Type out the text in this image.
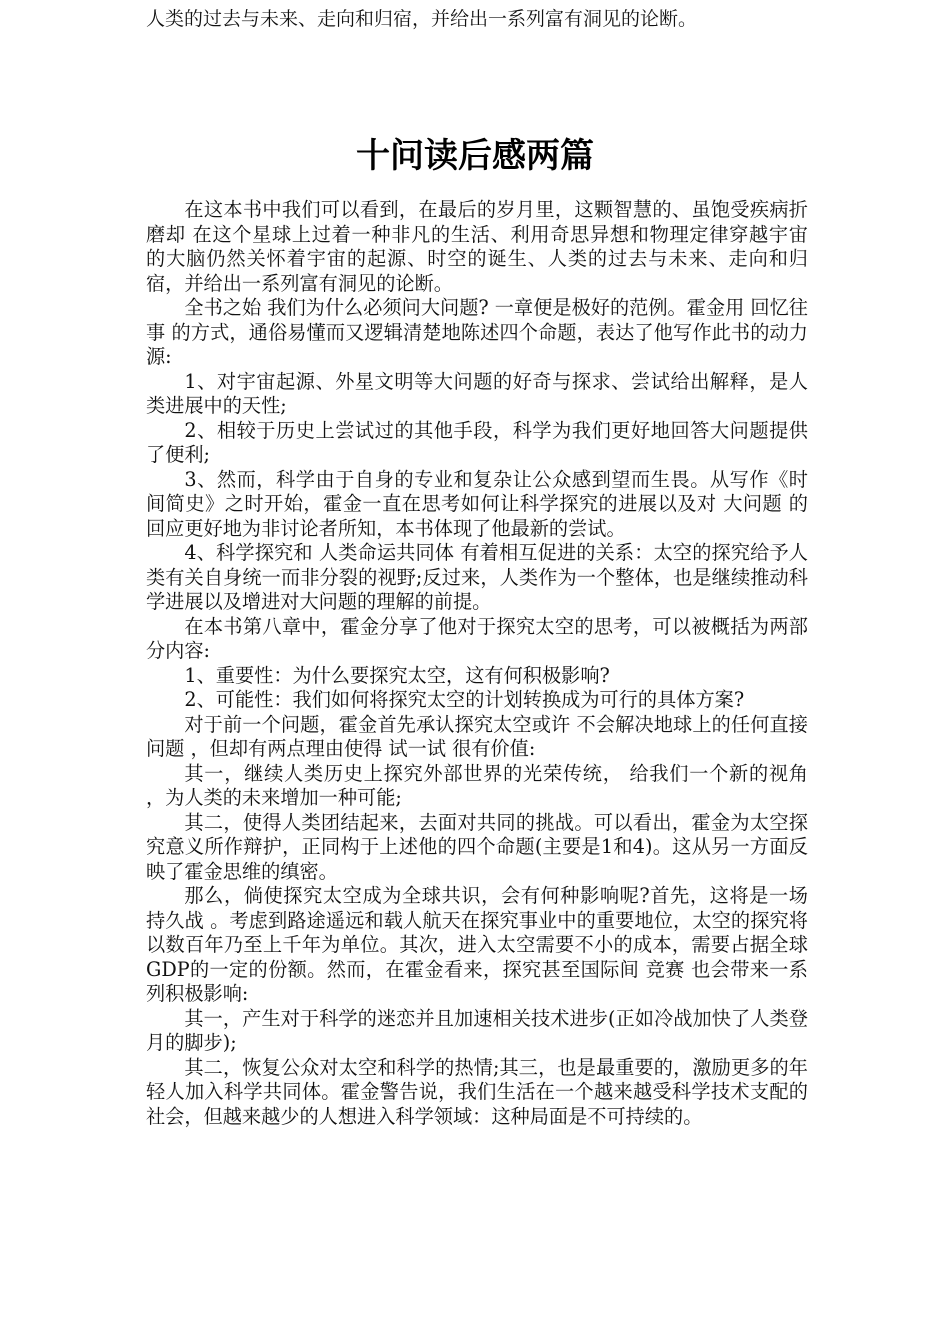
人类的过去与未来、走向和归宿，并给出一系列富有洞见的论断。

十问读后感两篇

在这本书中我们可以看到，在最后的岁月里，这颗智慧的、虽饱受疾病折磨却 在这个星球上过着一种非凡的生活、利用奇思异想和物理定律穿越宇宙 的大脑仍然关怀着宇宙的起源、时空的诞生、人类的过去与未来、走向和归宿，并给出一系列富有洞见的论断。

全书之始 我们为什么必须问大问题? 一章便是极好的范例。霍金用 回忆往事 的方式，通俗易懂而又逻辑清楚地陈述四个命题，表达了他写作此书的动力源:

1、对宇宙起源、外星文明等大问题的好奇与探求、尝试给出解释，是人类进展中的天性;

2、相较于历史上尝试过的其他手段，科学为我们更好地回答大问题提供了便利;

3、然而，科学由于自身的专业和复杂让公众感到望而生畏。从写作《时间简史》之时开始，霍金一直在思考如何让科学探究的进展以及对 大问题 的回应更好地为非讨论者所知，本书体现了他最新的尝试。

4、科学探究和 人类命运共同体 有着相互促进的关系：太空的探究给予人类有关自身统一而非分裂的视野;反过来，人类作为一个整体，也是继续推动科学进展以及增进对大问题的理解的前提。

在本书第八章中，霍金分享了他对于探究太空的思考，可以被概括为两部分内容:

1、重要性：为什么要探究太空，这有何积极影响?

2、可能性：我们如何将探究太空的计划转换成为可行的具体方案?

对于前一个问题，霍金首先承认探究太空或许 不会解决地球上的任何直接问题 ，但却有两点理由使得 试一试 很有价值:

其一，继续人类历史上探究外部世界的光荣传统， 给我们一个新的视角 ，为人类的未来增加一种可能;

其二，使得人类团结起来，去面对共同的挑战。可以看出，霍金为太空探究意义所作辩护，正同构于上述他的四个命题(主要是1和4)。这从另一方面反映了霍金思维的缜密。

那么，倘使探究太空成为全球共识，会有何种影响呢?首先，这将是一场 持久战 。考虑到路途遥远和载人航天在探究事业中的重要地位，太空的探究将以数百年乃至上千年为单位。其次，进入太空需要不小的成本，需要占据全球GDP的一定的份额。然而，在霍金看来，探究甚至国际间 竞赛 也会带来一系列积极影响:

其一，产生对于科学的迷恋并且加速相关技术进步(正如冷战加快了人类登月的脚步);

其二，恢复公众对太空和科学的热情;其三，也是最重要的，激励更多的年轻人加入科学共同体。霍金警告说，我们生活在一个越来越受科学技术支配的社会，但越来越少的人想进入科学领域：这种局面是不可持续的。
